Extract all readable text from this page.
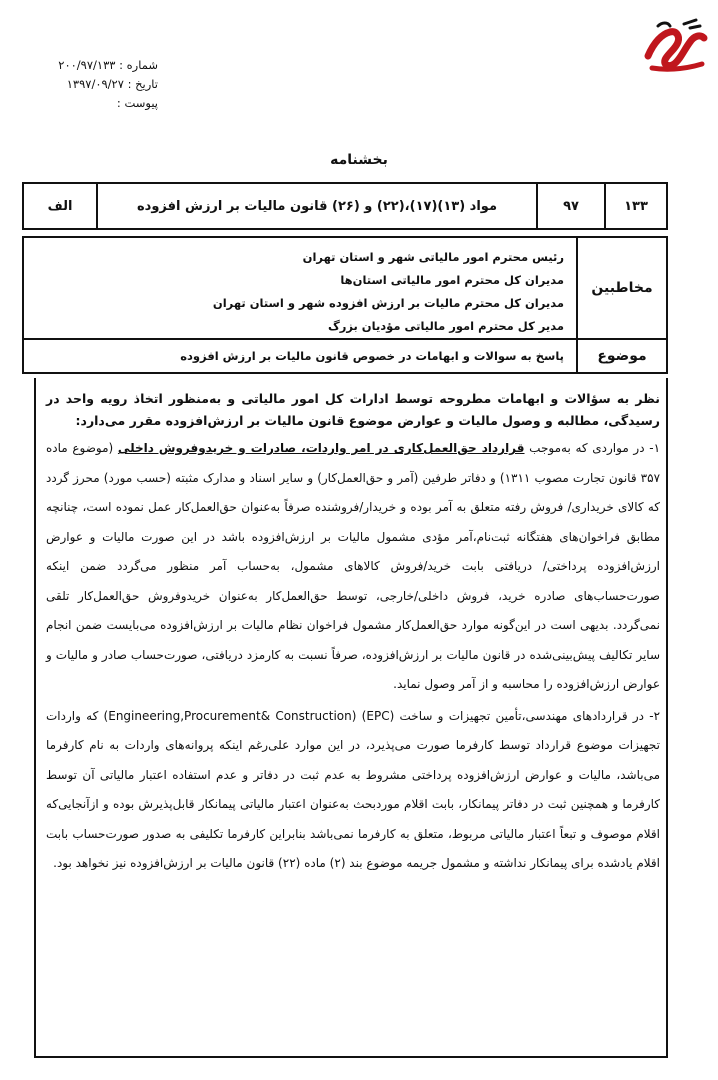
شماره : ۲۰۰/۹۷/۱۳۳
تاریخ : ۱۳۹۷/۰۹/۲۷
پیوست :
بخشنامه
۱۳۳
۹۷
مواد (۱۳)(۱۷)،(۲۲) و (۲۶) قانون مالیات بر ارزش افزوده
الف
مخاطبین
رئیس محترم امور مالیاتی شهر و استان تهران
مدیران کل محترم امور مالیاتی استان‌ها
مدیران کل محترم مالیات بر ارزش افزوده شهر و استان تهران
مدیر کل محترم امور مالیاتی مؤدیان بزرگ
موضوع
پاسخ به سوالات و ابهامات در خصوص قانون مالیات بر ارزش افزوده

نظر به سؤالات و ابهامات مطروحه توسط ادارات کل امور مالیاتی و به‌منظور اتخاذ رویه واحد در رسیدگی، مطالبه و وصول مالیات و عوارض موضوع قانون مالیات بر ارزش‌افزوده مقرر می‌دارد:

۱- در مواردی که به‌موجب قرارداد حق‌العمل‌کاری در امر واردات، صادرات و خریدوفروش داخلی (موضوع ماده ۳۵۷ قانون تجارت مصوب ۱۳۱۱) و دفاتر طرفین (آمر و حق‌العمل‌کار) و سایر اسناد و مدارک مثبته (حسب مورد) محرز گردد که کالای خریداری/ فروش رفته متعلق به آمر بوده و خریدار/فروشنده صرفاً به‌عنوان حق‌العمل‌کار عمل نموده است، چنانچه مطابق فراخوان‌های هفتگانه ثبت‌نام،آمر مؤدی مشمول مالیات بر ارزش‌افزوده باشد در این صورت مالیات و عوارض ارزش‌افزوده پرداختی/ دریافتی بابت خرید/فروش کالاهای مشمول، به‌حساب آمر منظور می‌گردد ضمن اینکه صورت‌حساب‌های صادره خرید، فروش داخلی/خارجی، توسط حق‌العمل‌کار به‌عنوان خریدوفروش حق‌العمل‌کار تلقی نمی‌گردد. بدیهی است در این‌گونه موارد حق‌العمل‌کار مشمول فراخوان نظام مالیات بر ارزش‌افزوده می‌بایست ضمن انجام سایر تکالیف پیش‌بینی‌شده در قانون مالیات بر ارزش‌افزوده، صرفاً نسبت به کارمزد دریافتی، صورت‌حساب صادر و مالیات و عوارض ارزش‌افزوده را محاسبه و از آمر وصول نماید.

۲- در قراردادهای مهندسی،تأمین تجهیزات و ساخت (EPC) (Engineering,Procurement& Construction) که واردات تجهیزات موضوع قرارداد توسط کارفرما صورت می‌پذیرد، در این موارد علی‌رغم اینکه پروانه‌های واردات به نام کارفرما می‌باشد، مالیات و عوارض ارزش‌افزوده پرداختی مشروط به عدم ثبت در دفاتر و عدم استفاده اعتبار مالیاتی آن توسط کارفرما و همچنین ثبت در دفاتر پیمانکار، بابت اقلام موردبحث به‌عنوان اعتبار مالیاتی پیمانکار قابل‌پذیرش بوده و ازآنجایی‌که اقلام موصوف و تبعاً اعتبار مالیاتی مربوط، متعلق به کارفرما نمی‌باشد بنابراین کارفرما تکلیفی به صدور صورت‌حساب بابت اقلام یادشده برای پیمانکار نداشته و مشمول جریمه موضوع بند (۲) ماده (۲۲) قانون مالیات بر ارزش‌افزوده نیز نخواهد بود.
